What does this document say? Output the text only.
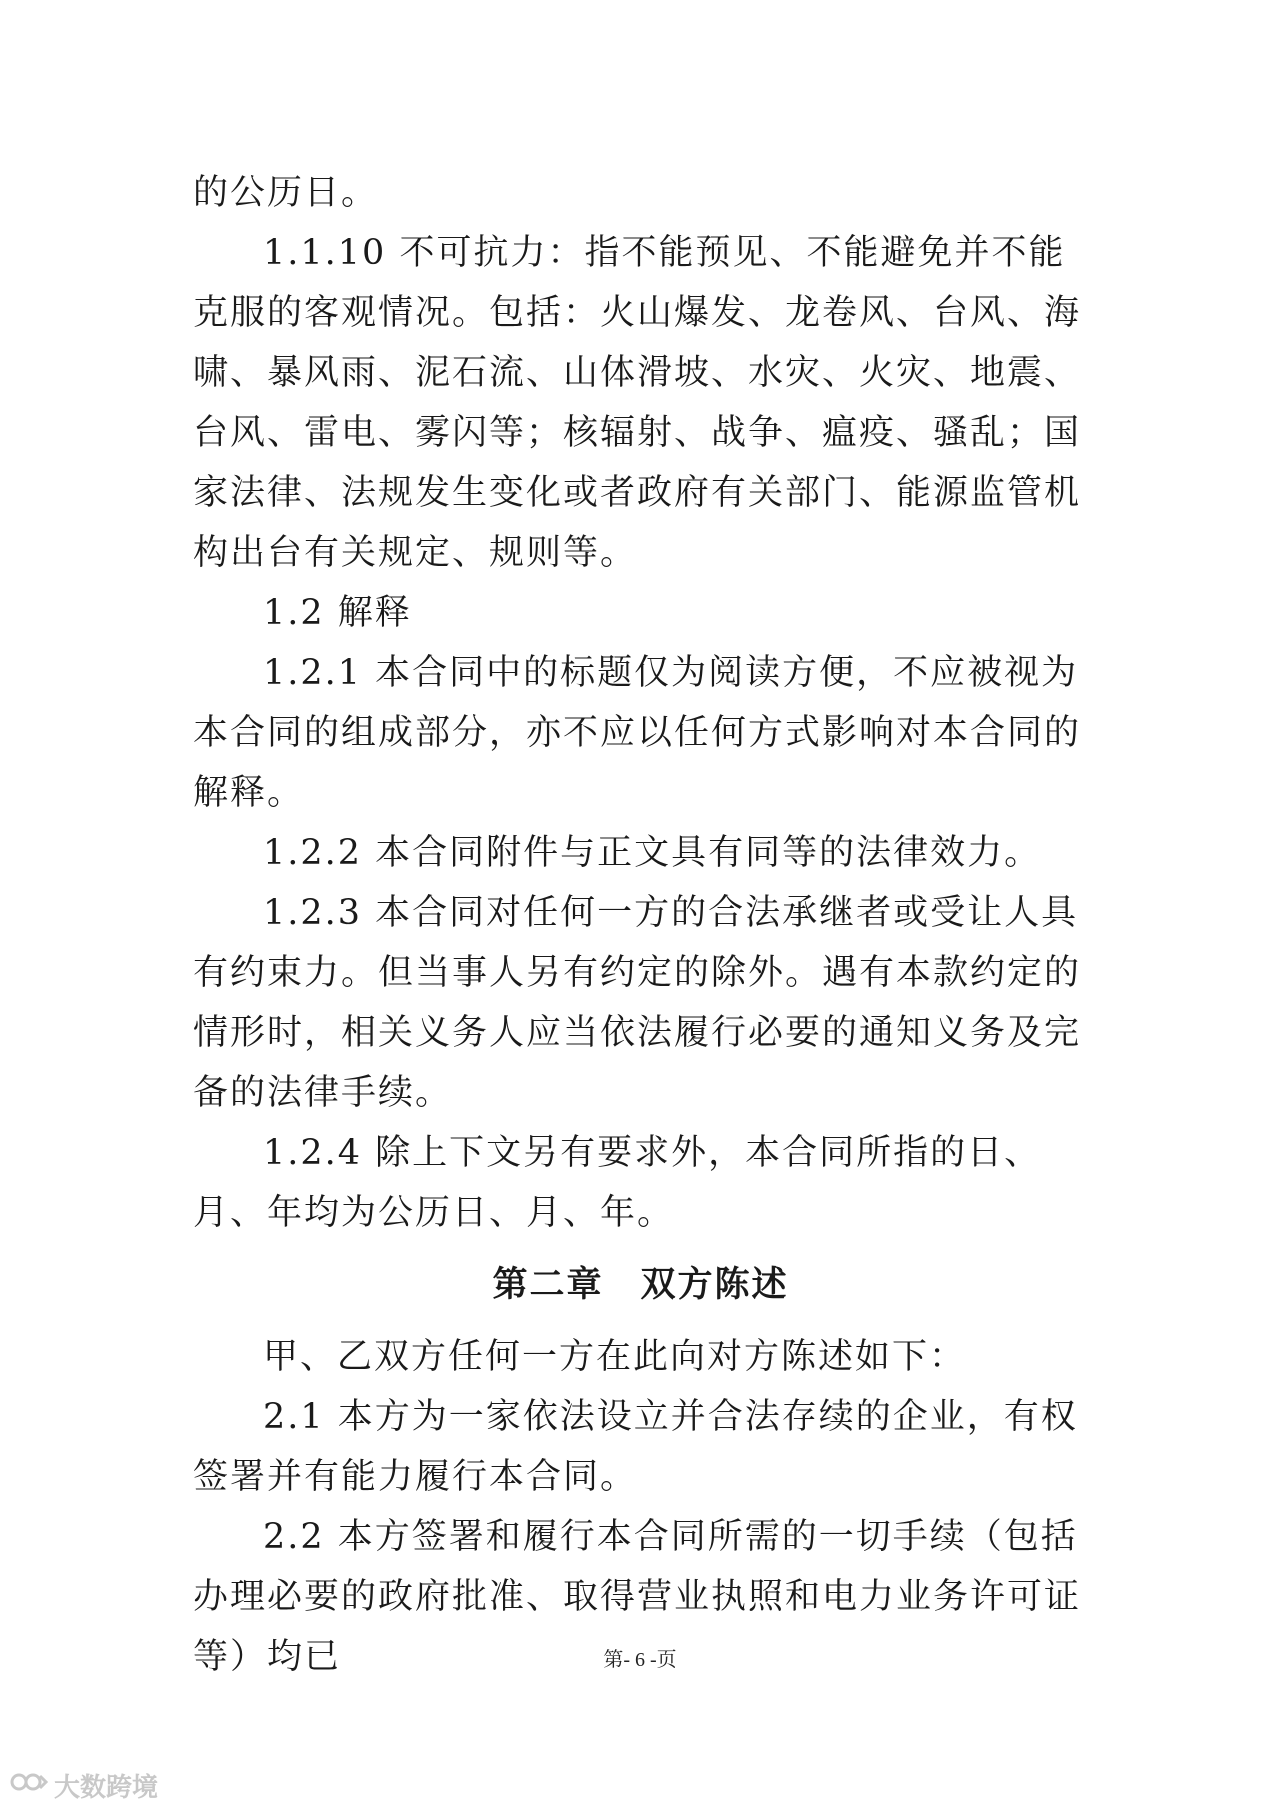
的公历日。

1.1.10 不可抗力：指不能预见、不能避免并不能克服的客观情况。包括：火山爆发、龙卷风、台风、海啸、暴风雨、泥石流、山体滑坡、水灾、火灾、地震、台风、雷电、雾闪等；核辐射、战争、瘟疫、骚乱；国家法律、法规发生变化或者政府有关部门、能源监管机构出台有关规定、规则等。

1.2 解释

1.2.1 本合同中的标题仅为阅读方便，不应被视为本合同的组成部分，亦不应以任何方式影响对本合同的解释。

1.2.2 本合同附件与正文具有同等的法律效力。

1.2.3 本合同对任何一方的合法承继者或受让人具有约束力。但当事人另有约定的除外。遇有本款约定的情形时，相关义务人应当依法履行必要的通知义务及完备的法律手续。

1.2.4 除上下文另有要求外，本合同所指的日、月、年均为公历日、月、年。

第二章　双方陈述

甲、乙双方任何一方在此向对方陈述如下：

2.1 本方为一家依法设立并合法存续的企业，有权签署并有能力履行本合同。

2.2 本方签署和履行本合同所需的一切手续（包括办理必要的政府批准、取得营业执照和电力业务许可证等）均已	第- 6 -页
大数跨境
